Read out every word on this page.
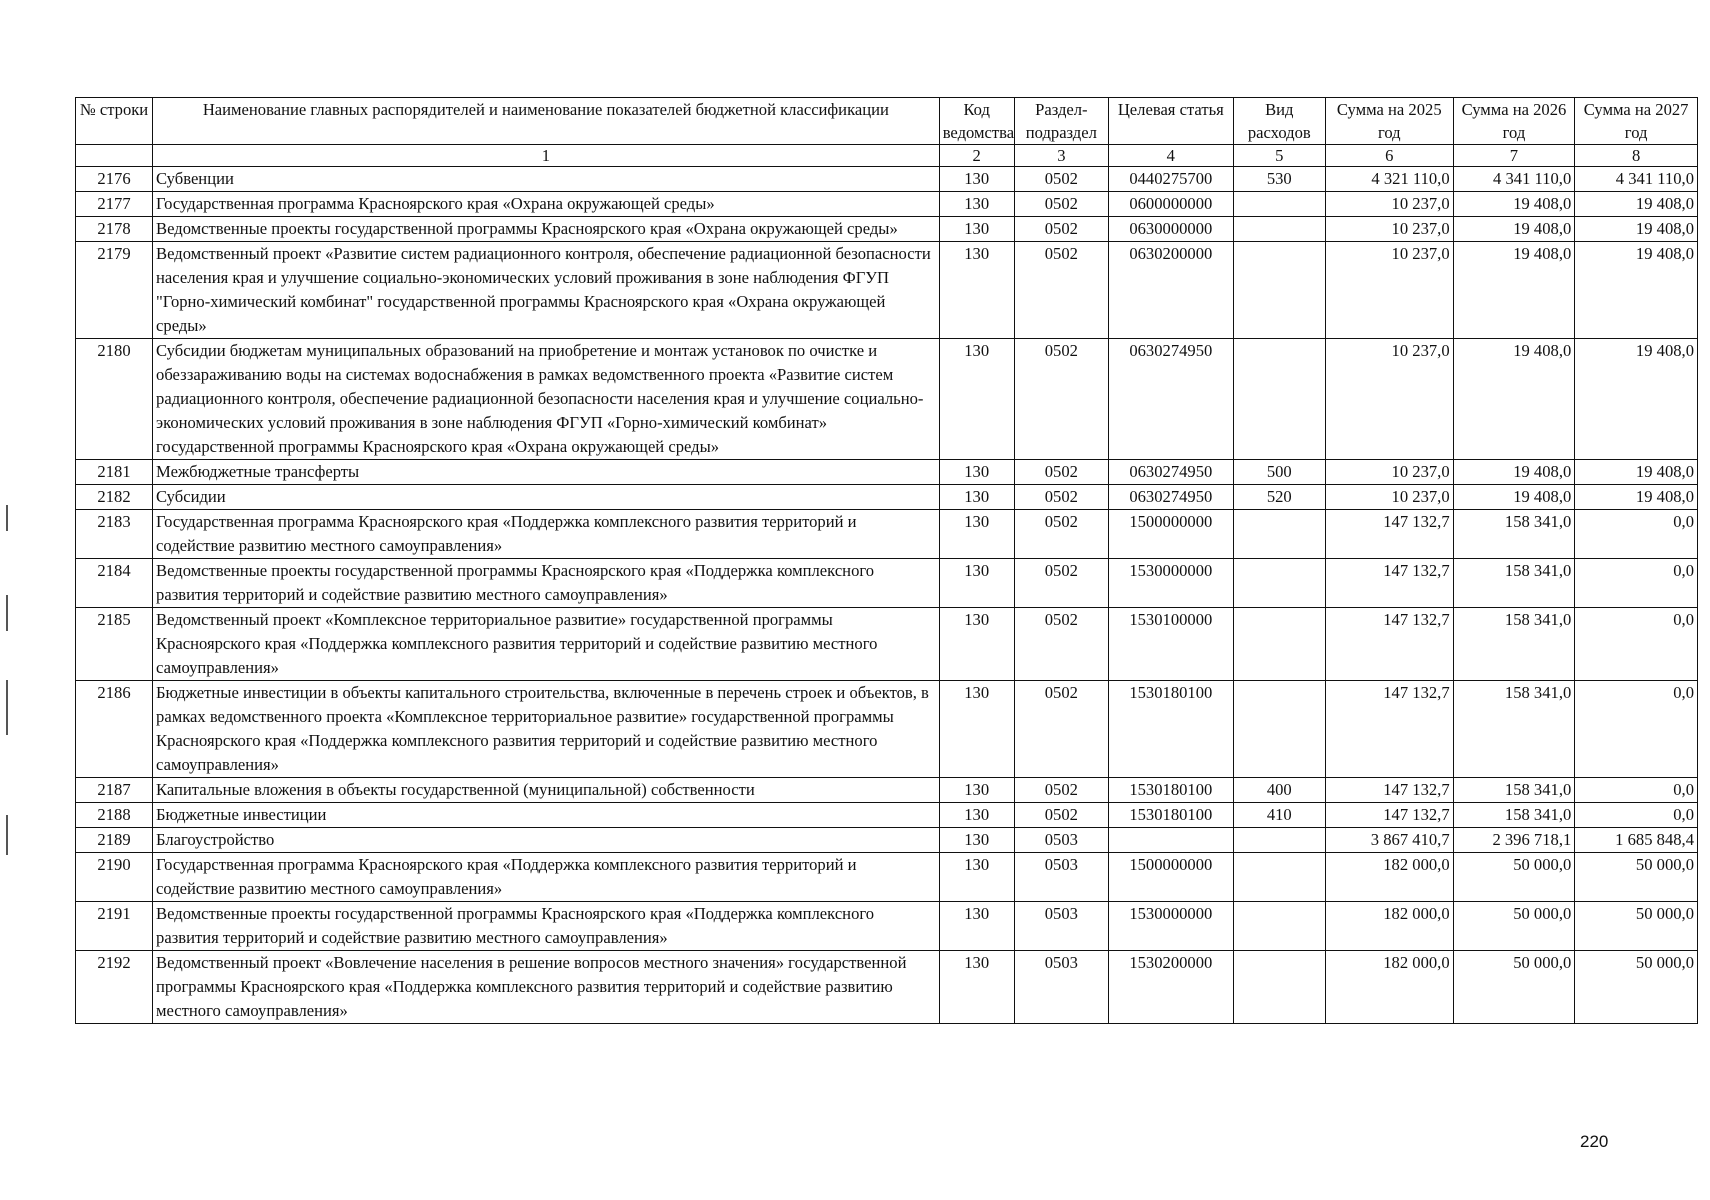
№ строки	Наименование главных распорядителей и наименование показателей бюджетной классификации	Код ведомства	Раздел-подраздел	Целевая статья	Вид расходов	Сумма на 2025 год	Сумма на 2026 год	Сумма на 2027 год
	1	2	3	4	5	6	7	8
2176	Субвенции	130	0502	0440275700	530	4 321 110,0	4 341 110,0	4 341 110,0
2177	Государственная программа Красноярского края «Охрана окружающей среды»	130	0502	0600000000		10 237,0	19 408,0	19 408,0
2178	Ведомственные проекты государственной программы Красноярского края «Охрана окружающей среды»	130	0502	0630000000		10 237,0	19 408,0	19 408,0
2179	Ведомственный проект «Развитие систем радиационного контроля, обеспечение радиационной безопасности населения края и улучшение социально-экономических условий проживания в зоне наблюдения ФГУП "Горно-химический комбинат" государственной программы Красноярского края «Охрана окружающей среды»	130	0502	0630200000		10 237,0	19 408,0	19 408,0
2180	Субсидии бюджетам муниципальных образований на приобретение и монтаж установок по очистке и обеззараживанию воды на системах водоснабжения в рамках ведомственного проекта «Развитие систем радиационного контроля, обеспечение радиационной безопасности населения края и улучшение социально-экономических условий проживания в зоне наблюдения ФГУП «Горно-химический комбинат» государственной программы Красноярского края «Охрана окружающей среды»	130	0502	0630274950		10 237,0	19 408,0	19 408,0
2181	Межбюджетные трансферты	130	0502	0630274950	500	10 237,0	19 408,0	19 408,0
2182	Субсидии	130	0502	0630274950	520	10 237,0	19 408,0	19 408,0
2183	Государственная программа Красноярского края «Поддержка комплексного развития территорий и содействие развитию местного самоуправления»	130	0502	1500000000		147 132,7	158 341,0	0,0
2184	Ведомственные проекты государственной программы Красноярского края «Поддержка комплексного развития территорий и содействие развитию местного самоуправления»	130	0502	1530000000		147 132,7	158 341,0	0,0
2185	Ведомственный проект «Комплексное территориальное развитие» государственной программы Красноярского края «Поддержка комплексного развития территорий и содействие развитию местного самоуправления»	130	0502	1530100000		147 132,7	158 341,0	0,0
2186	Бюджетные инвестиции в объекты капитального строительства, включенные в перечень строек и объектов, в рамках ведомственного проекта «Комплексное территориальное развитие» государственной программы Красноярского края «Поддержка комплексного развития территорий и содействие развитию местного самоуправления»	130	0502	1530180100		147 132,7	158 341,0	0,0
2187	Капитальные вложения в объекты государственной (муниципальной) собственности	130	0502	1530180100	400	147 132,7	158 341,0	0,0
2188	Бюджетные инвестиции	130	0502	1530180100	410	147 132,7	158 341,0	0,0
2189	Благоустройство	130	0503			3 867 410,7	2 396 718,1	1 685 848,4
2190	Государственная программа Красноярского края «Поддержка комплексного развития территорий и содействие развитию местного самоуправления»	130	0503	1500000000		182 000,0	50 000,0	50 000,0
2191	Ведомственные проекты государственной программы Красноярского края «Поддержка комплексного развития территорий и содействие развитию местного самоуправления»	130	0503	1530000000		182 000,0	50 000,0	50 000,0
2192	Ведомственный проект «Вовлечение населения в решение вопросов местного значения» государственной программы Красноярского края «Поддержка комплексного развития территорий и содействие развитию местного самоуправления»	130	0503	1530200000		182 000,0	50 000,0	50 000,0
220
